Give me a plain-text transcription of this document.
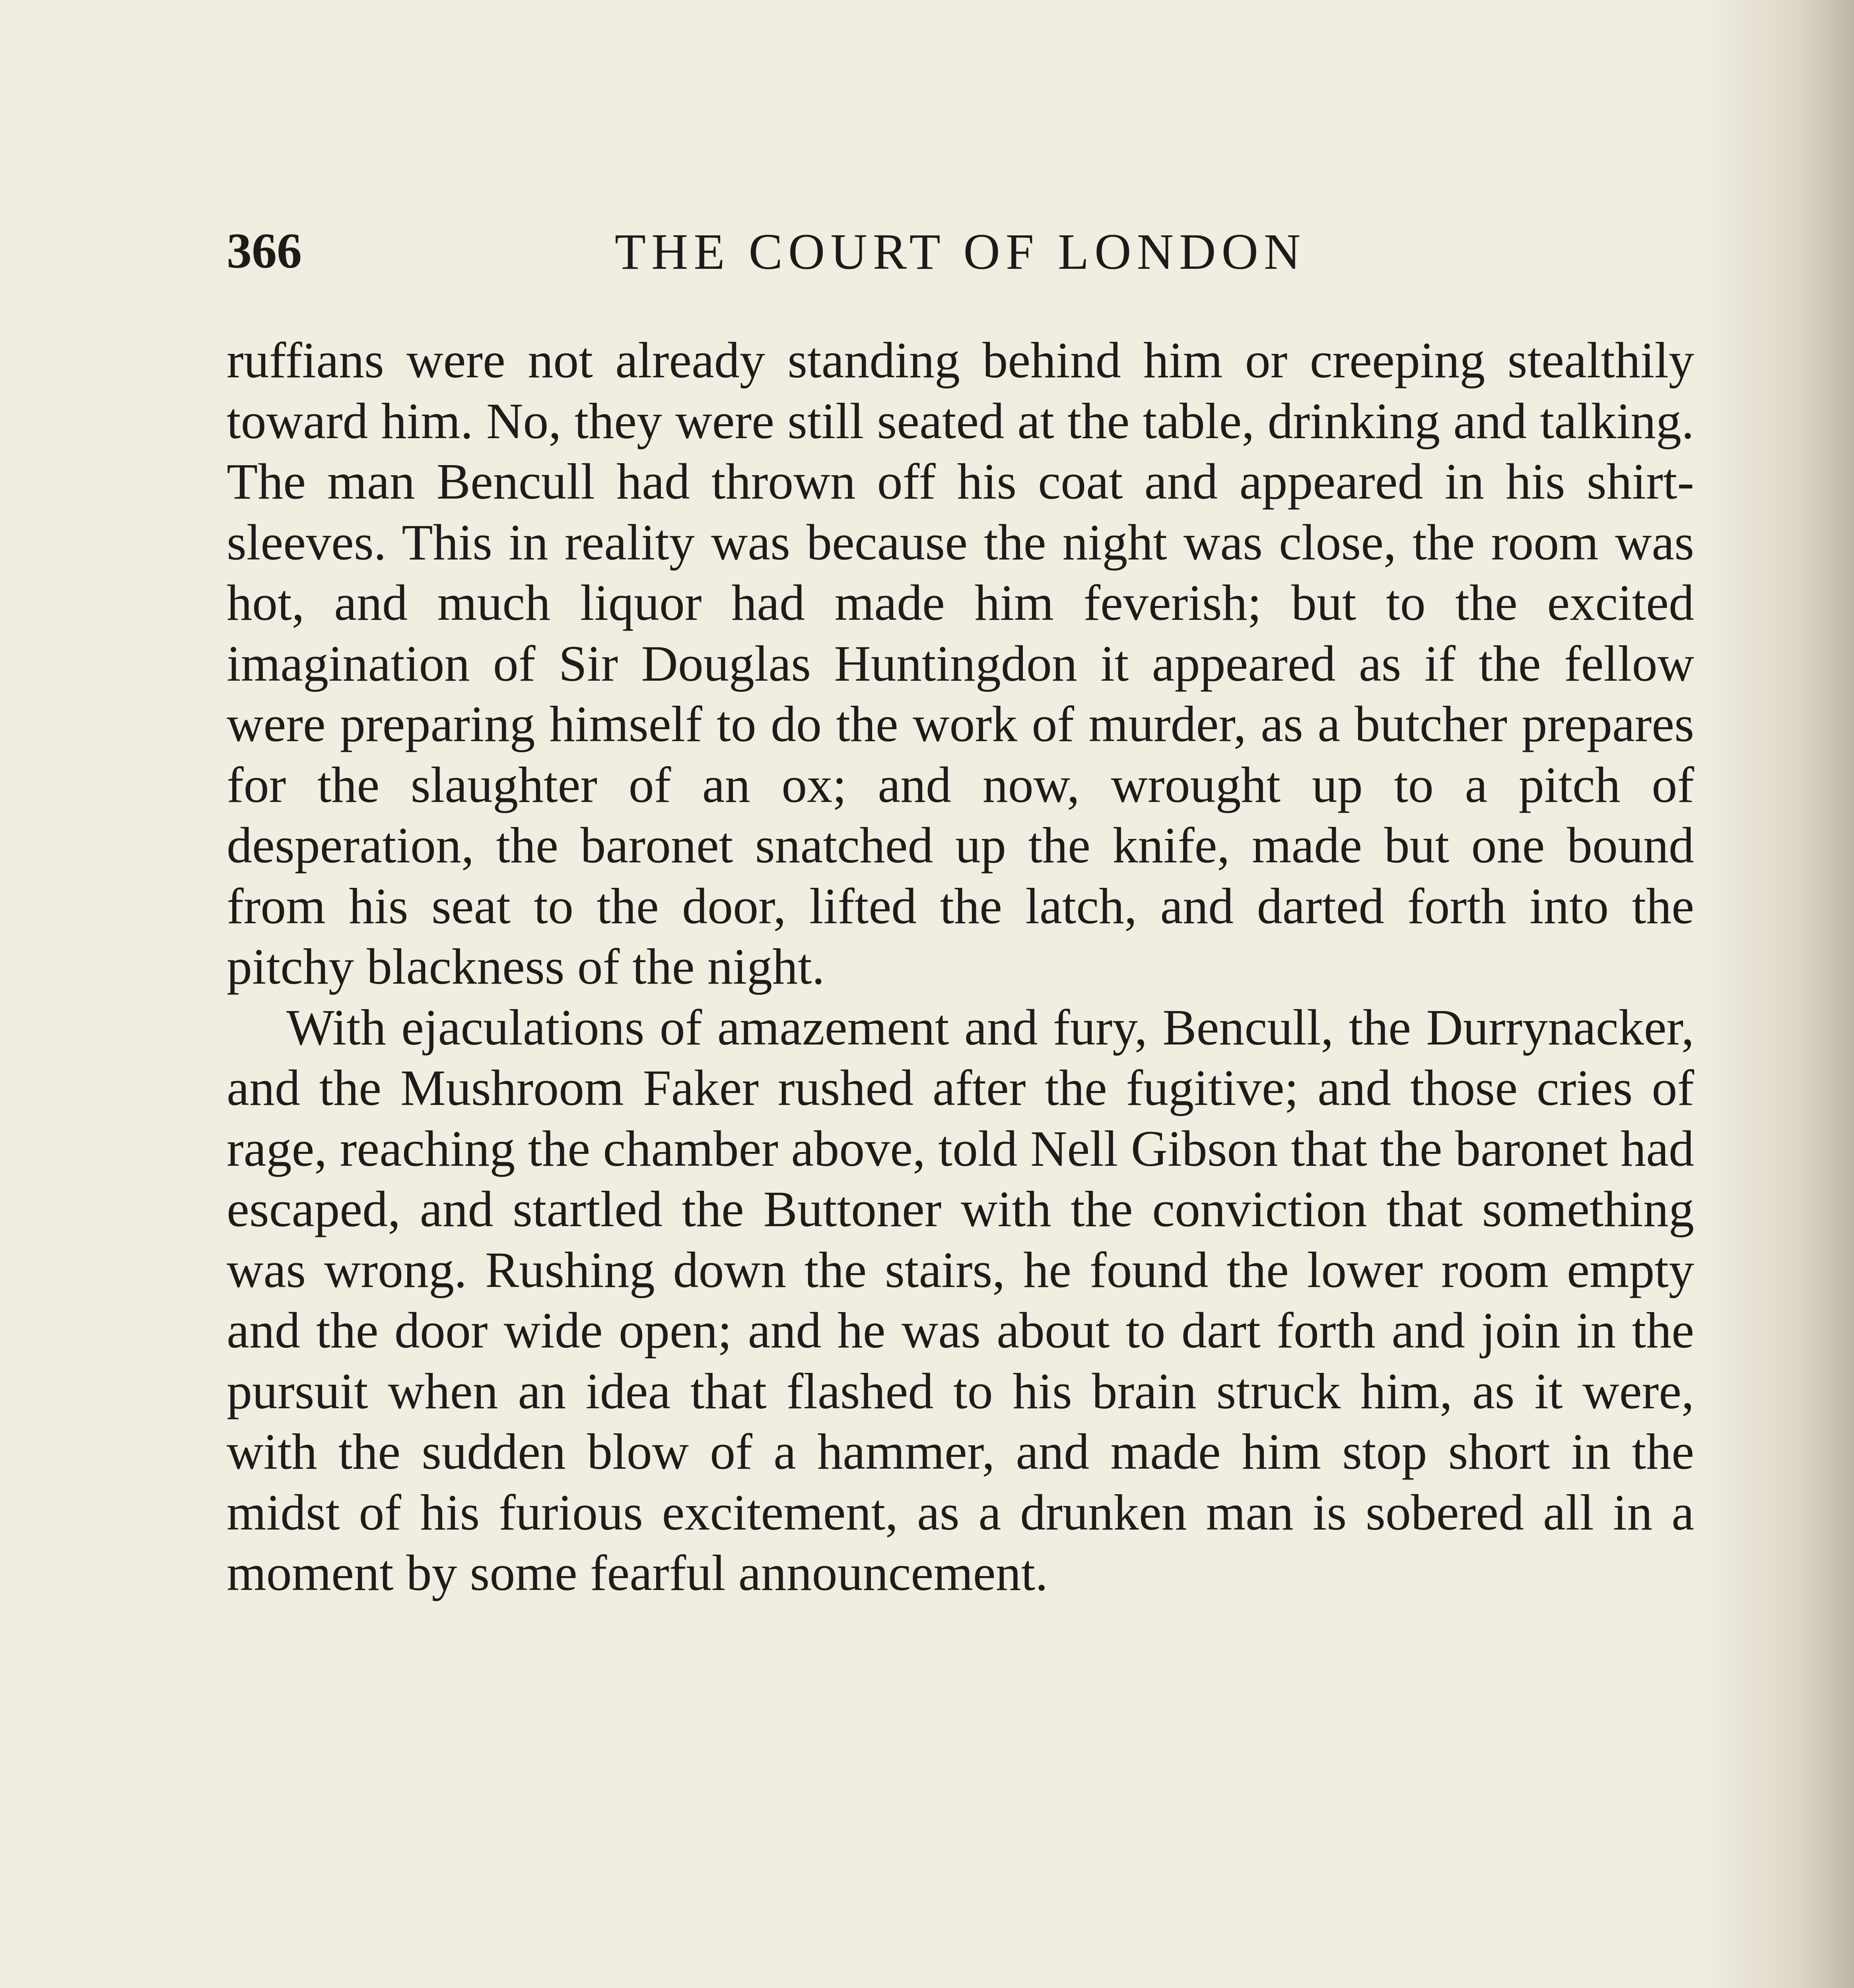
366	THE COURT OF LONDON

ruffians were not already standing behind him or creeping stealthily toward him. No, they were still seated at the table, drinking and talking. The man Bencull had thrown off his coat and appeared in his shirt-sleeves. This in reality was because the night was close, the room was hot, and much liquor had made him feverish; but to the excited imagination of Sir Douglas Huntingdon it appeared as if the fellow were preparing himself to do the work of murder, as a butcher prepares for the slaughter of an ox; and now, wrought up to a pitch of desperation, the baronet snatched up the knife, made but one bound from his seat to the door, lifted the latch, and darted forth into the pitchy blackness of the night.

With ejaculations of amazement and fury, Bencull, the Durrynacker, and the Mushroom Faker rushed after the fugitive; and those cries of rage, reaching the chamber above, told Nell Gibson that the baronet had escaped, and startled the Buttoner with the conviction that something was wrong. Rushing down the stairs, he found the lower room empty and the door wide open; and he was about to dart forth and join in the pursuit when an idea that flashed to his brain struck him, as it were, with the sudden blow of a hammer, and made him stop short in the midst of his furious excitement, as a drunken man is sobered all in a moment by some fearful announcement.
